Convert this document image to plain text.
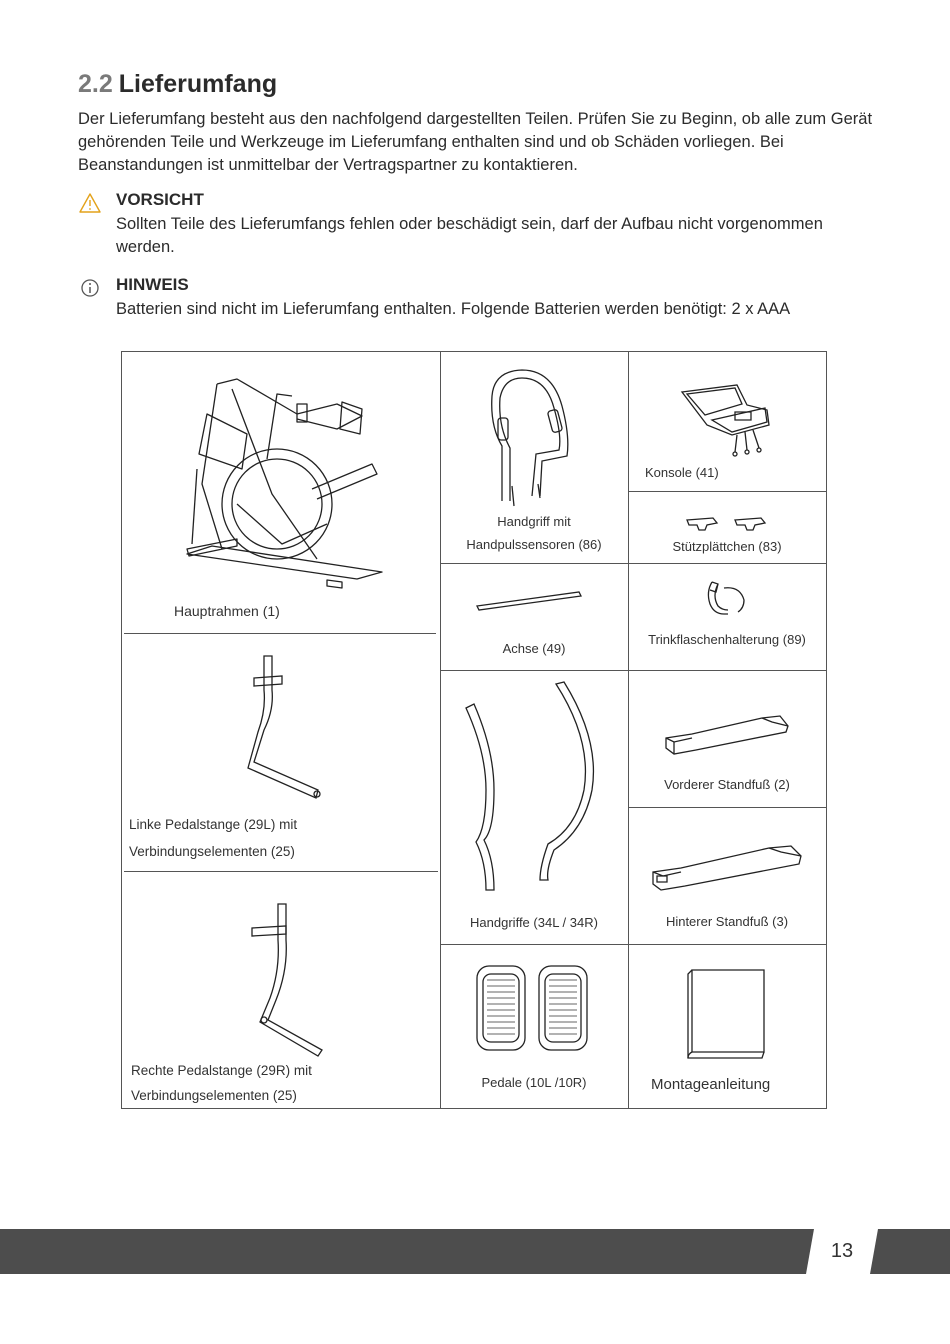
2.2 Lieferumfang

Der Lieferumfang besteht aus den nachfolgend dargestellten Teilen. Prüfen Sie zu Beginn, ob alle zum Gerät gehörenden Teile und Werkzeuge im Lieferumfang enthalten sind und ob Schäden vorliegen. Bei Beanstandungen ist unmittelbar der Vertragspartner zu kontaktieren.

VORSICHT

Sollten Teile des Lieferumfangs fehlen oder beschädigt sein, darf der Aufbau nicht vorgenommen werden.

HINWEIS

Batterien sind nicht im Lieferumfang enthalten. Folgende Batterien werden benötigt: 2 x AAA

Hauptrahmen (1)
Handgriff mit
Handpulssensoren (86)
Konsole (41)
Stützplättchen (83)
Achse (49)
Trinkflaschenhalterung (89)
Linke Pedalstange (29L) mit
Verbindungselementen (25)
Handgriffe (34L / 34R)
Vorderer Standfuß (2)
Hinterer Standfuß (3)
Rechte Pedalstange (29R) mit
Verbindungselementen (25)
Pedale (10L /10R)	Montageanleitung
13
